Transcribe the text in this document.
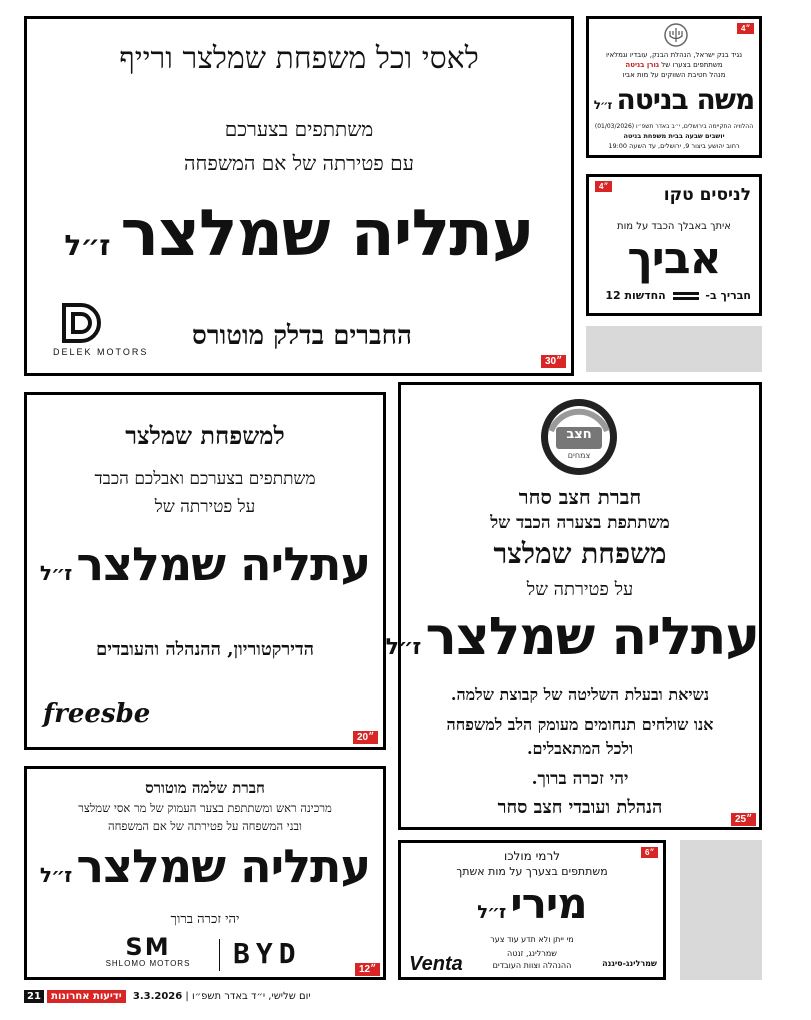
לאסי וכל משפחת שמלצר ורייף
משתתפים בצערכם
עם פטירתה של אם המשפחה
עתליה שמלצר ז״ל
החברים בדלק מוטורס
DELEK MOTORS
30״
נגיד בנק ישראל, הנהלת הבנק, עובדיו וגמלאיו
משתתפים בצערו של גורן בניטה
מנהל חטיבת השווקים על מות אביו
משה בניטה ז״ל
ההלוויה התקיימה בירושלים, י״ב באדר תשפ״ו (01/03/2026)
יושבים שבעה בבית משפחת בניטה
רחוב יהושע ביצור 9, ירושלים, עד השעה 19:00
4״
לניסים טקו
איתך באבלך הכבד על מות
אביך
חבריך ב-  החדשות 12
4״
למשפחת שמלצר
משתתפים בצערכם ואבלכם הכבד
על פטירתה של
עתליה שמלצר ז״ל
הדירקטוריון, ההנהלה והעובדים
freesbe
20״
חצב
צמחים
חברת חצב סחר
משתתפת בצערה הכבד של
משפחת שמלצר
על פטירתה של
עתליה שמלצר ז״ל
נשיאת ובעלת השליטה של קבוצת שלמה.
אנו שולחים תנחומים מעומק הלב למשפחה
ולכל המתאבלים.
יהי זכרה ברוך.
הנהלת ועובדי חצב סחר
25״
חברת שלמה מוטורס
מרכינה ראש ומשתתפת בצער העמוק של מר אסי שמלצר
ובני המשפחה על פטירתה של אם המשפחה
עתליה שמלצר ז״ל
יהי זכרה ברוך
SM
SHLOMO MOTORS	BYD	12״
לרמי מולכו
משתתפים בצערך על מות אשתך
מירי ז״ל
מי ייתן ולא תדע עוד צער
שמרלינג, זנטה
ההנהלה וצוות העובדים
Venta	שמרלינג-סיגנה
6״
21 ידיעות אחרונות 3.3.2026 | יום שלישי, י״ד באדר תשפ״ו
